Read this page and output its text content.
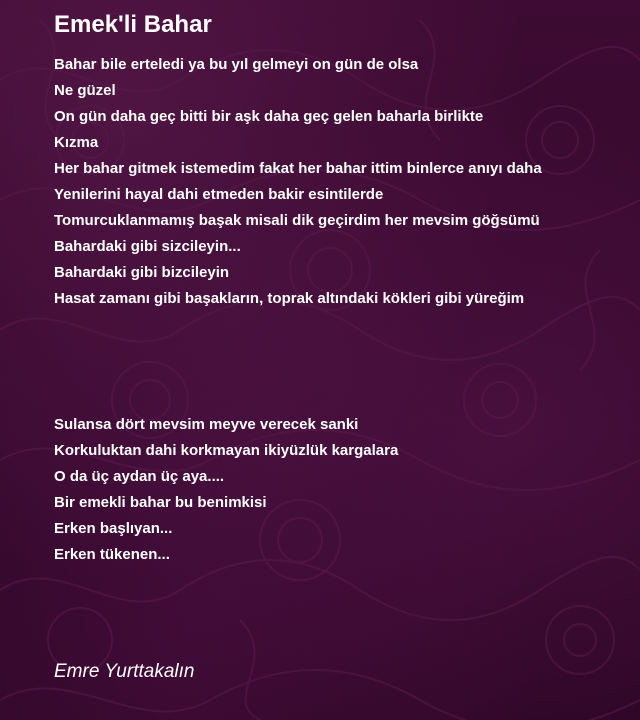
Emek'li Bahar
Bahar bile erteledi ya bu yıl gelmeyi on gün de olsa
Ne güzel
On gün daha geç bitti bir aşk daha geç gelen baharla birlikte
Kızma
Her bahar gitmek istemedim fakat her bahar ittim binlerce anıyı daha
Yenilerini hayal dahi etmeden bakir esintilerde
Tomurcuklanmamış başak misali dik geçirdim her mevsim göğsümü
Bahardaki gibi sizcileyin...
Bahardaki gibi bizcileyin
Hasat zamanı gibi başakların, toprak altındaki kökleri gibi yüreğim
Sulansa dört mevsim meyve verecek sanki
Korkuluktan dahi korkmayan ikiyüzlük kargalara
O da üç aydan üç aya....
Bir emekli bahar bu benimkisi
Erken başlıyan...
Erken tükenen...

Emre Yurttakalın
